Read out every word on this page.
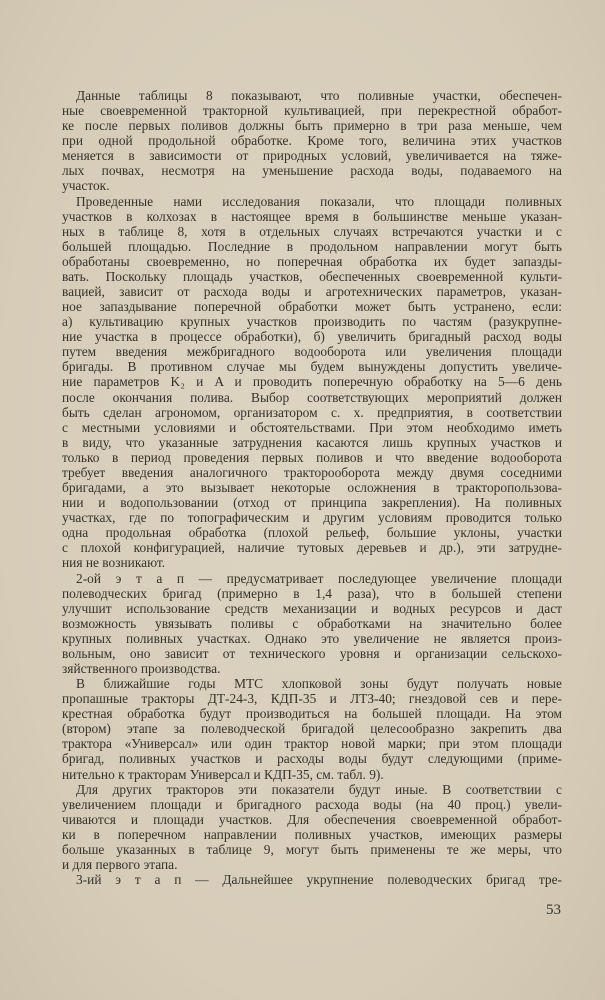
Данные таблицы 8 показывают, что поливные участки, обеспечен-
ные своевременной тракторной культивацией, при перекрестной обработ-
ке после первых поливов должны быть примерно в три раза меньше, чем
при одной продольной обработке. Кроме того, величина этих участков
меняется в зависимости от природных условий, увеличивается на тяже-
лых почвах, несмотря на уменьшение расхода воды, подаваемого на
участок.
Проведенные нами исследования показали, что площади поливных
участков в колхозах в настоящее время в большинстве меньше указан-
ных в таблице 8, хотя в отдельных случаях встречаются участки и с
большей площадью. Последние в продольном направлении могут быть
обработаны своевременно, но поперечная обработка их будет запазды-
вать. Поскольку площадь участков, обеспеченных своевременной культи-
вацией, зависит от расхода воды и агротехнических параметров, указан-
ное запаздывание поперечной обработки может быть устранено, если:
а) культивацию крупных участков производить по частям (разукрупне-
ние участка в процессе обработки), б) увеличить бригадный расход воды
путем введения межбригадного водооборота или увеличения площади
бригады. В противном случае мы будем вынуждены допустить увеличе-
ние параметров K₂ и A и проводить поперечную обработку на 5—6 день
после окончания полива. Выбор соответствующих мероприятий должен
быть сделан агрономом, организатором с. х. предприятия, в соответствии
с местными условиями и обстоятельствами. При этом необходимо иметь
в виду, что указанные затруднения касаются лишь крупных участков и
только в период проведения первых поливов и что введение водооборота
требует введения аналогичного тракторооборота между двумя соседними
бригадами, а это вызывает некоторые осложнения в тракторопользова-
нии и водопользовании (отход от принципа закрепления). На поливных
участках, где по топографическим и другим условиям проводится только
одна продольная обработка (плохой рельеф, большие уклоны, участки
с плохой конфигурацией, наличие тутовых деревьев и др.), эти затрудне-
ния не возникают.
2-ой э т а п — предусматривает последующее увеличение площади
полеводческих бригад (примерно в 1,4 раза), что в большей степени
улучшит использование средств механизации и водных ресурсов и даст
возможность увязывать поливы с обработками на значительно более
крупных поливных участках. Однако это увеличение не является произ-
вольным, оно зависит от технического уровня и организации сельскохо-
зяйственного производства.
В ближайшие годы МТС хлопковой зоны будут получать новые
пропашные тракторы ДТ-24-3, КДП-35 и ЛТЗ-40; гнездовой сев и пере-
крестная обработка будут производиться на большей площади. На этом
(втором) этапе за полеводческой бригадой целесообразно закрепить два
трактора «Универсал» или один трактор новой марки; при этом площади
бригад, поливных участков и расходы воды будут следующими (приме-
нительно к тракторам Универсал и КДП-35, см. табл. 9).
Для других тракторов эти показатели будут иные. В соответствии с
увеличением площади и бригадного расхода воды (на 40 проц.) увели-
чиваются и площади участков. Для обеспечения своевременной обработ-
ки в поперечном направлении поливных участков, имеющих размеры
больше указанных в таблице 9, могут быть применены те же меры, что
и для первого этапа.
3-ий э т а п — Дальнейшее укрупнение полеводческих бригад тре-
53
